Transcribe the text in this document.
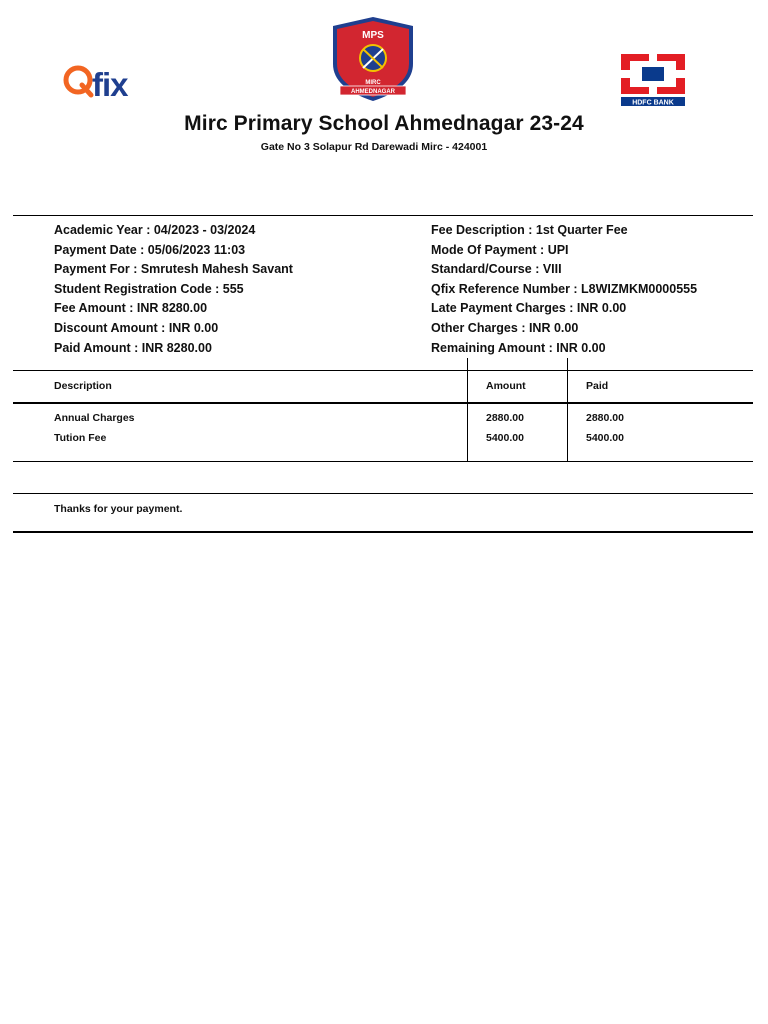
fix
MPS
MIRC
AHMEDNAGAR
HDFC BANK
Mirc Primary School Ahmednagar 23-24
Gate No 3 Solapur Rd Darewadi Mirc - 424001
Academic Year : 04/2023 - 03/2024
Payment Date : 05/06/2023 11:03
Payment For : Smrutesh Mahesh Savant
Student Registration Code : 555
Fee Amount : INR 8280.00
Discount Amount : INR 0.00
Paid Amount : INR 8280.00
Fee Description : 1st Quarter Fee
Mode Of Payment : UPI
Standard/Course : VIII
Qfix Reference Number : L8WIZMKM0000555
Late Payment Charges : INR 0.00
Other Charges : INR 0.00
Remaining Amount : INR 0.00
Description	Amount	Paid
Annual Charges
Tution Fee
2880.00
5400.00
2880.00
5400.00
Thanks for your payment.
